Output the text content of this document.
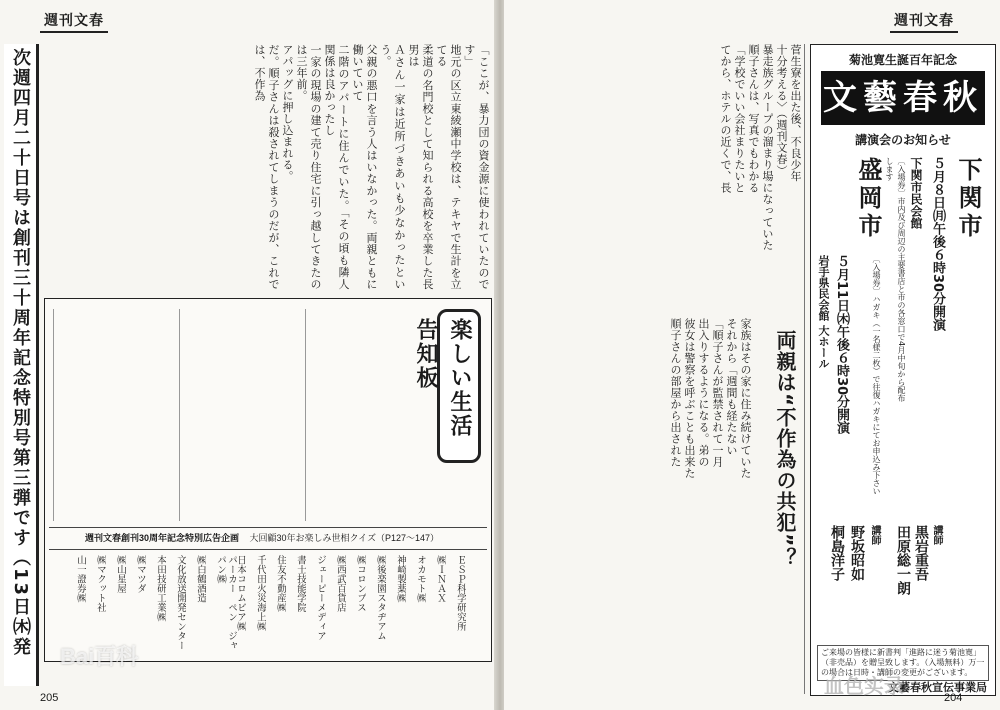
週刊文春
次週四月二十日号は創刊三十周年記念特別号第三弾です（13日㈭発
「ここが、暴力団の資金源に使われていたのです」
地元の区立東綾瀬中学校は、テキヤで生計を立てる
柔道の名門校として知られる高校を卒業した長男は
Ａさん一家は近所づきあいも少なかったという。
父親の悪口を言う人はいなかった。両親ともに働いていて
二階のアパートに住んでいた。「その頃も隣人関係は良かったし
一家の現場の建て売り住宅に引っ越してきたのは三年前。
アパッグに押し込まれる。
だ。順子さんは殺されてしまうのだが、これでは、不作為
楽しい生活告知板
週刊文春創刊30周年記念特別広告企画 大回顧30年お楽しみ世相クイズ（P127～147）
ＥＳＰ科学研究所
㈱ＩＮＡＸ
オカモト㈱
神崎製薬㈱
㈱後楽園スタヂアム
㈱コロンブス
㈱西武百貨店
ジェーピーメディア
書士技能学院
住友不動産㈱
千代田火災海上㈱
日本コロムビア㈱
パーカー　ペン　ジャパン㈱
㈱白鶴酒造
文化放送開発センター
本田技研工業㈱
㈱マツダ
㈱山星屋
㈱マクット社
山一證券㈱
205
Bai百科
週刊文春
菅生寮を出た後、不良少年
十分考える〉（週刊文春）
暴走族グループの溜まり場になっていた
順子さんは、写真でもわかる
「学校でいい会社まりたいと
てから、ホテルの近くで、長
家族はその家に住み続けていた
それから「週間も経たない
「順子さんが監禁されて一月
出入りするようになる。弟の
彼女は警察を呼ぶことも出来た
順子さんの部屋から出された	両親は“不作為の共犯”？
菊池寛生誕百年記念
文藝春秋
講演会のお知らせ
下関市
５月８日㈪午後６時30分開演
下関市民会館
〔入場券〕市内及び周辺の主要書店と市の各窓口で4月中旬から配布します
講師
黒岩重吾
田原総一朗
盛岡市
５月11日㈭午後６時30分開演
岩手県民会館 大ホール	〔入場券〕ハガキ（一名様二枚）で往復ハガキにてお申込み下さい
講師
野坂昭如
桐島洋子
ご来場の皆様に新書判「進路に迷う菊池寛」（非売品）を贈呈致します。（入場無料）万一の場合は日時・講師の変更がございます。
文藝春秋宣伝事業局
204
血色实录
